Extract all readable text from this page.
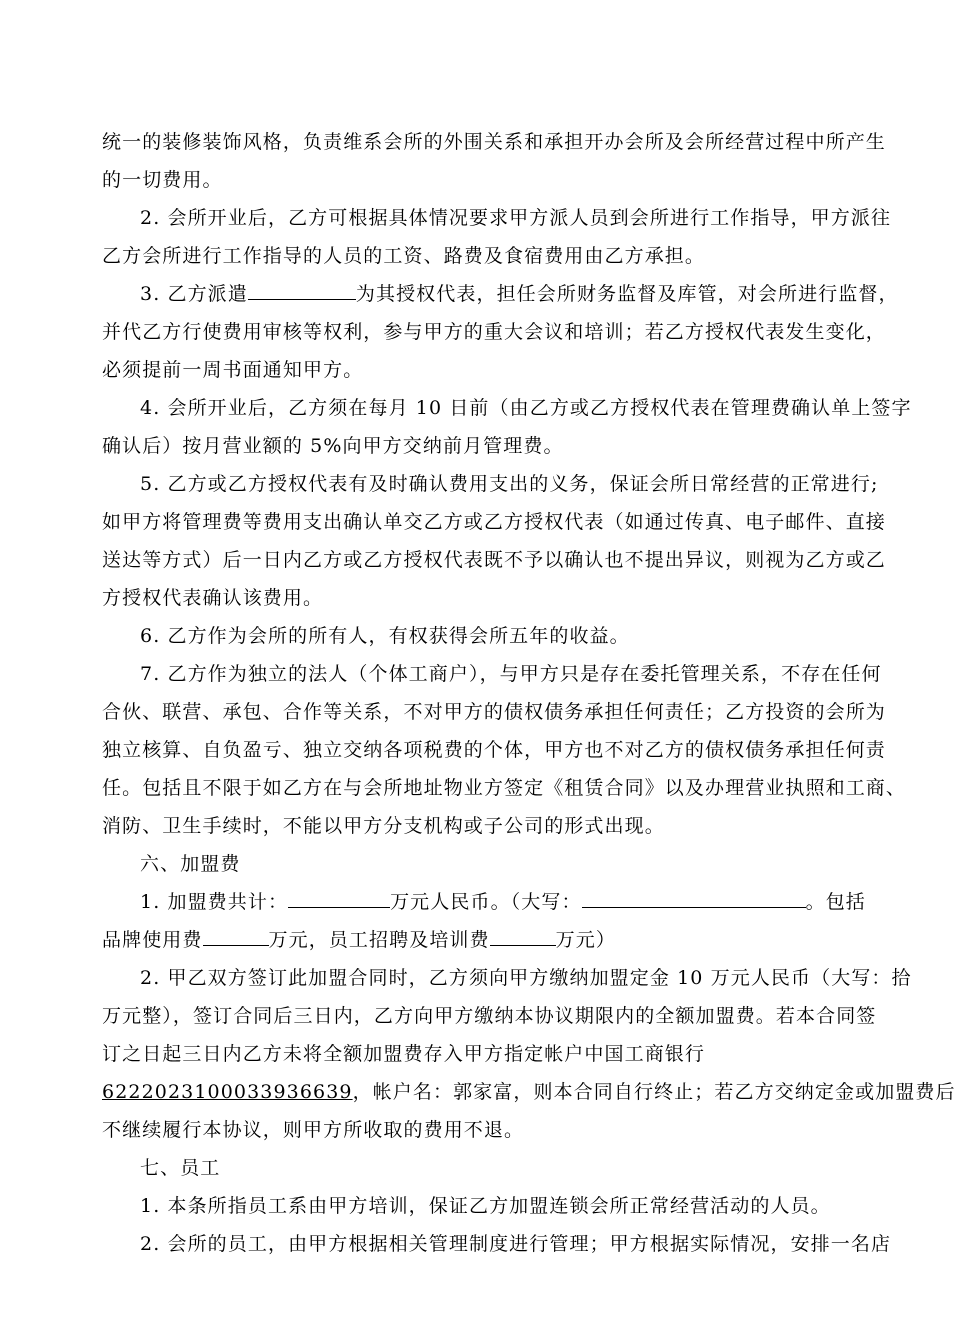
统一的装修装饰风格，负责维系会所的外围关系和承担开办会所及会所经营过程中所产生
的一切费用。
2. 会所开业后，乙方可根据具体情况要求甲方派人员到会所进行工作指导，甲方派往
乙方会所进行工作指导的人员的工资、路费及食宿费用由乙方承担。
3. 乙方派遣	为其授权代表，担任会所财务监督及库管，对会所进行监督，
并代乙方行使费用审核等权利，参与甲方的重大会议和培训；若乙方授权代表发生变化，
必须提前一周书面通知甲方。
4. 会所开业后，乙方须在每月 10 日前（由乙方或乙方授权代表在管理费确认单上签字
确认后）按月营业额的 5%向甲方交纳前月管理费。
5. 乙方或乙方授权代表有及时确认费用支出的义务，保证会所日常经营的正常进行;
如甲方将管理费等费用支出确认单交乙方或乙方授权代表（如通过传真、电子邮件、直接
送达等方式）后一日内乙方或乙方授权代表既不予以确认也不提出异议，则视为乙方或乙
方授权代表确认该费用。
6. 乙方作为会所的所有人，有权获得会所五年的收益。
7. 乙方作为独立的法人（个体工商户），与甲方只是存在委托管理关系，不存在任何
合伙、联营、承包、合作等关系，不对甲方的债权债务承担任何责任；乙方投资的会所为
独立核算、自负盈亏、独立交纳各项税费的个体，甲方也不对乙方的债权债务承担任何责
任。包括且不限于如乙方在与会所地址物业方签定《租赁合同》以及办理营业执照和工商、
消防、卫生手续时，不能以甲方分支机构或子公司的形式出现。
六、加盟费
1. 加盟费共计：	万元人民币。（大写：	。包括
品牌使用费	万元，员工招聘及培训费	万元）
2. 甲乙双方签订此加盟合同时，乙方须向甲方缴纳加盟定金 10 万元人民币（大写：拾
万元整），签订合同后三日内，乙方向甲方缴纳本协议期限内的全额加盟费。若本合同签
订之日起三日内乙方未将全额加盟费存入甲方指定帐户中国工商银行
6222023100033936639，帐户名：郭家富，则本合同自行终止；若乙方交纳定金或加盟费后
不继续履行本协议，则甲方所收取的费用不退。
七、员工
1. 本条所指员工系由甲方培训，保证乙方加盟连锁会所正常经营活动的人员。
2. 会所的员工，由甲方根据相关管理制度进行管理；甲方根据实际情况，安排一名店
